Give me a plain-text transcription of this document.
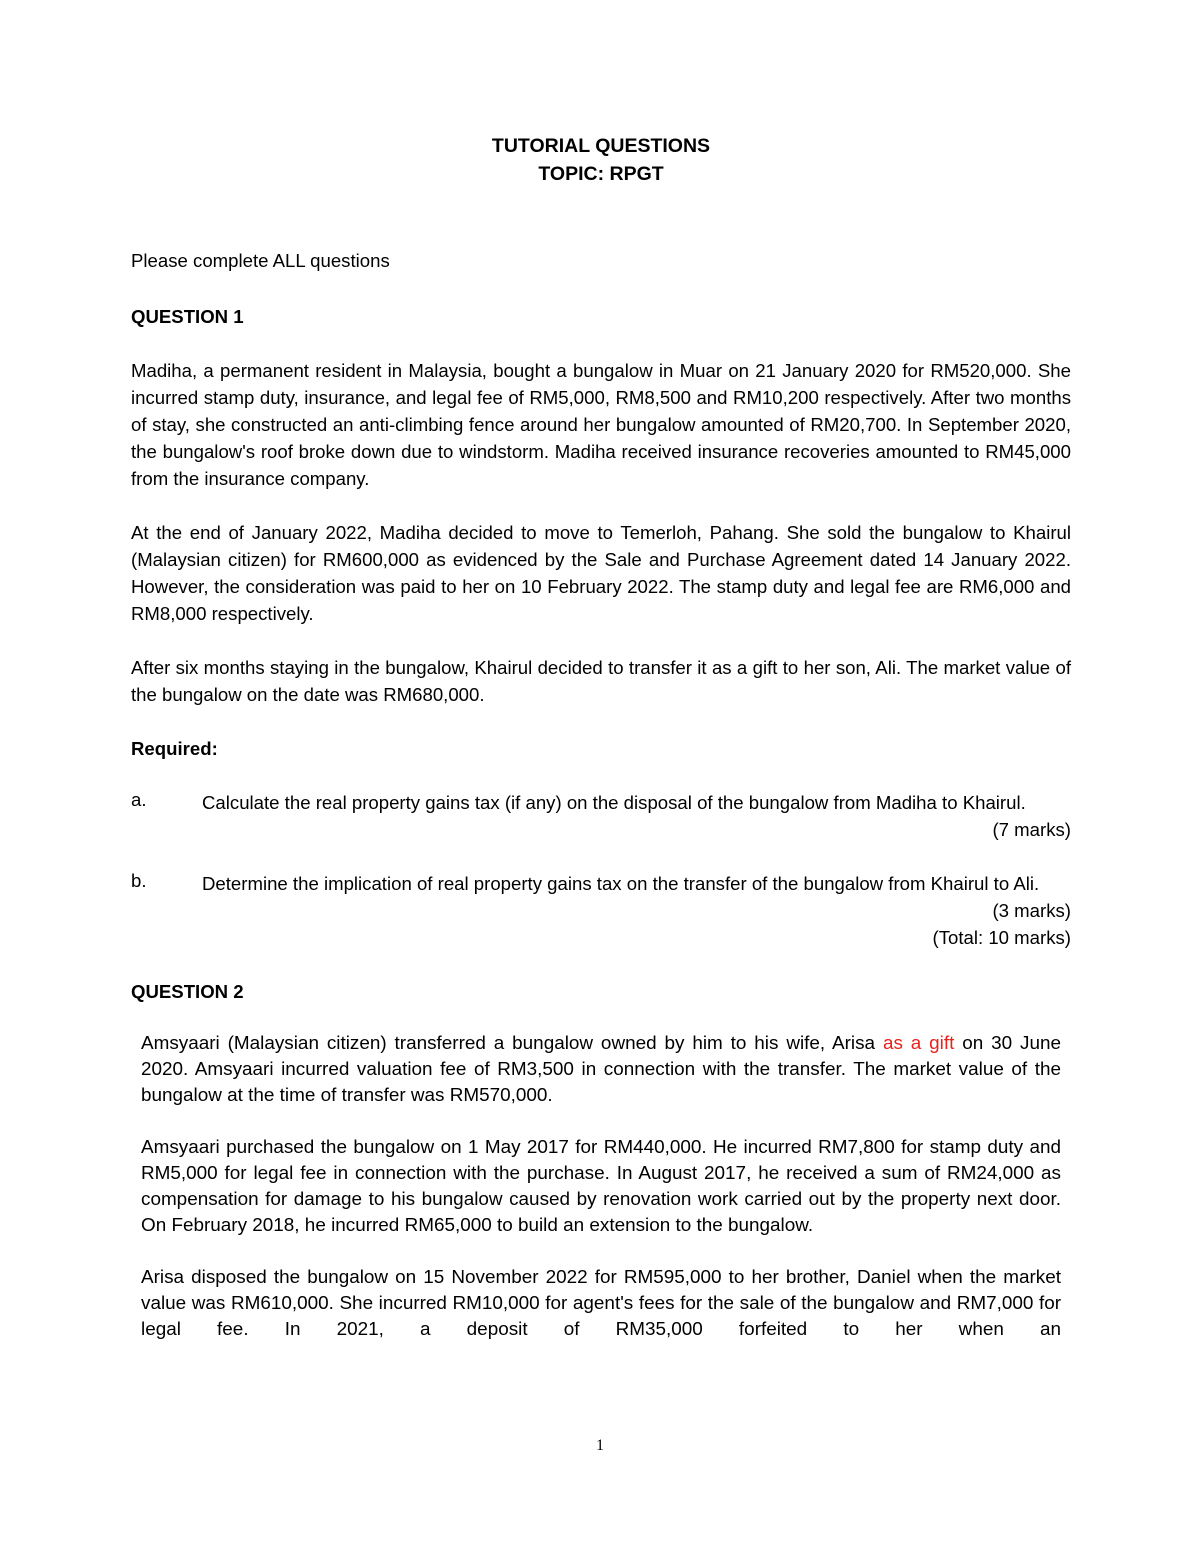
TUTORIAL QUESTIONS
TOPIC: RPGT

Please complete ALL questions

QUESTION 1

Madiha, a permanent resident in Malaysia, bought a bungalow in Muar on 21 January 2020 for RM520,000. She incurred stamp duty, insurance, and legal fee of RM5,000, RM8,500 and RM10,200 respectively. After two months of stay, she constructed an anti-climbing fence around her bungalow amounted of RM20,700. In September 2020, the bungalow's roof broke down due to windstorm. Madiha received insurance recoveries amounted to RM45,000 from the insurance company.

At the end of January 2022, Madiha decided to move to Temerloh, Pahang. She sold the bungalow to Khairul (Malaysian citizen) for RM600,000 as evidenced by the Sale and Purchase Agreement dated 14 January 2022. However, the consideration was paid to her on 10 February 2022. The stamp duty and legal fee are RM6,000 and RM8,000 respectively.

After six months staying in the bungalow, Khairul decided to transfer it as a gift to her son, Ali. The market value of the bungalow on the date was RM680,000.

Required:

a.	Calculate the real property gains tax (if any) on the disposal of the bungalow from Madiha to Khairul.
(7 marks)
b.	Determine the implication of real property gains tax on the transfer of the bungalow from Khairul to Ali.
(3 marks)
(Total: 10 marks)

QUESTION 2

Amsyaari (Malaysian citizen) transferred a bungalow owned by him to his wife, Arisa as a gift on 30 June 2020. Amsyaari incurred valuation fee of RM3,500 in connection with the transfer. The market value of the bungalow at the time of transfer was RM570,000.

Amsyaari purchased the bungalow on 1 May 2017 for RM440,000. He incurred RM7,800 for stamp duty and RM5,000 for legal fee in connection with the purchase. In August 2017, he received a sum of RM24,000 as compensation for damage to his bungalow caused by renovation work carried out by the property next door. On February 2018, he incurred RM65,000 to build an extension to the bungalow.

Arisa disposed the bungalow on 15 November 2022 for RM595,000 to her brother, Daniel when the market value was RM610,000. She incurred RM10,000 for agent's fees for the sale of the bungalow and RM7,000 for legal fee. In 2021, a deposit of RM35,000 forfeited to her when an

1
